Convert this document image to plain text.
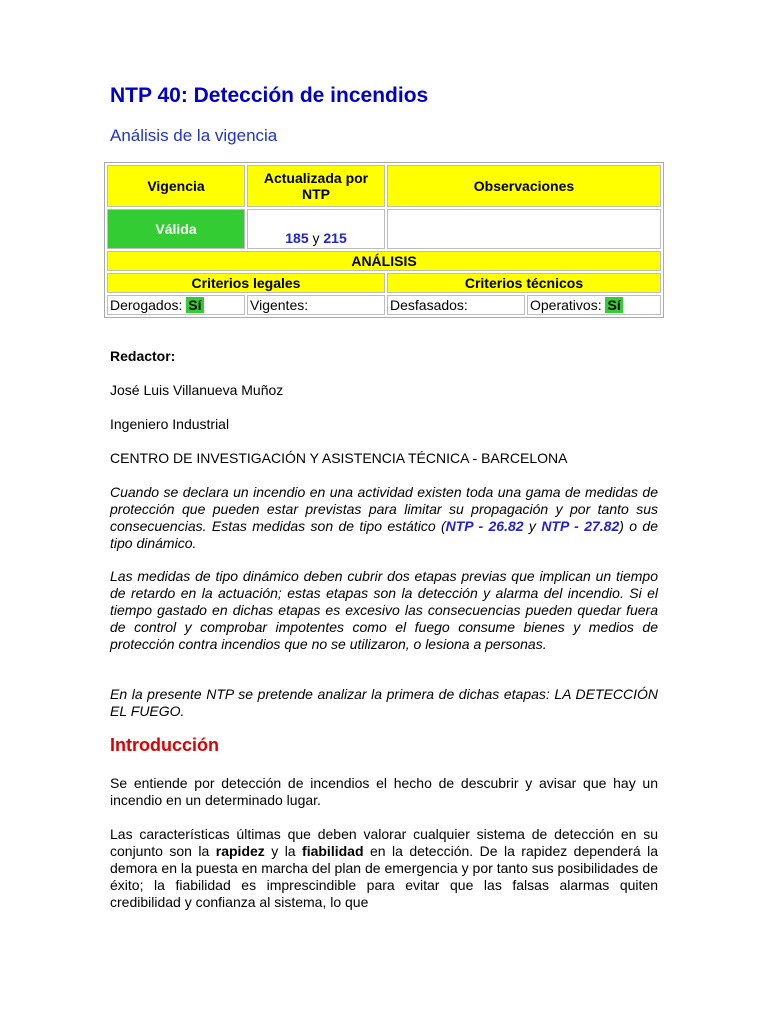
NTP 40: Detección de incendios
Análisis de la vigencia
Vigencia	Actualizada por NTP	Observaciones	
Válida	185 y 215		
ANÁLISIS			
Criterios legales		Criterios técnicos	
Derogados: Sí	Vigentes:	Desfasados:	Operativos: Sí

Redactor:

José Luis Villanueva Muñoz

Ingeniero Industrial

CENTRO DE INVESTIGACIÓN Y ASISTENCIA TÉCNICA - BARCELONA

Cuando se declara un incendio en una actividad existen toda una gama de medidas de protección que pueden estar previstas para limitar su propagación y por tanto sus consecuencias. Estas medidas son de tipo estático (NTP - 26.82 y NTP - 27.82) o de tipo dinámico.

Las medidas de tipo dinámico deben cubrir dos etapas previas que implican un tiempo de retardo en la actuación; estas etapas son la detección y alarma del incendio. Si el tiempo gastado en dichas etapas es excesivo las consecuencias pueden quedar fuera de control y comprobar impotentes como el fuego consume bienes y medios de protección contra incendios que no se utilizaron, o lesiona a personas.

En la presente NTP se pretende analizar la primera de dichas etapas: LA DETECCIÓN EL FUEGO.

Introducción

Se entiende por detección de incendios el hecho de descubrir y avisar que hay un incendio en un determinado lugar.

Las características últimas que deben valorar cualquier sistema de detección en su conjunto son la rapidez y la fiabilidad en la detección. De la rapidez dependerá la demora en la puesta en marcha del plan de emergencia y por tanto sus posibilidades de éxito; la fiabilidad es imprescindible para evitar que las falsas alarmas quiten credibilidad y confianza al sistema, lo que
